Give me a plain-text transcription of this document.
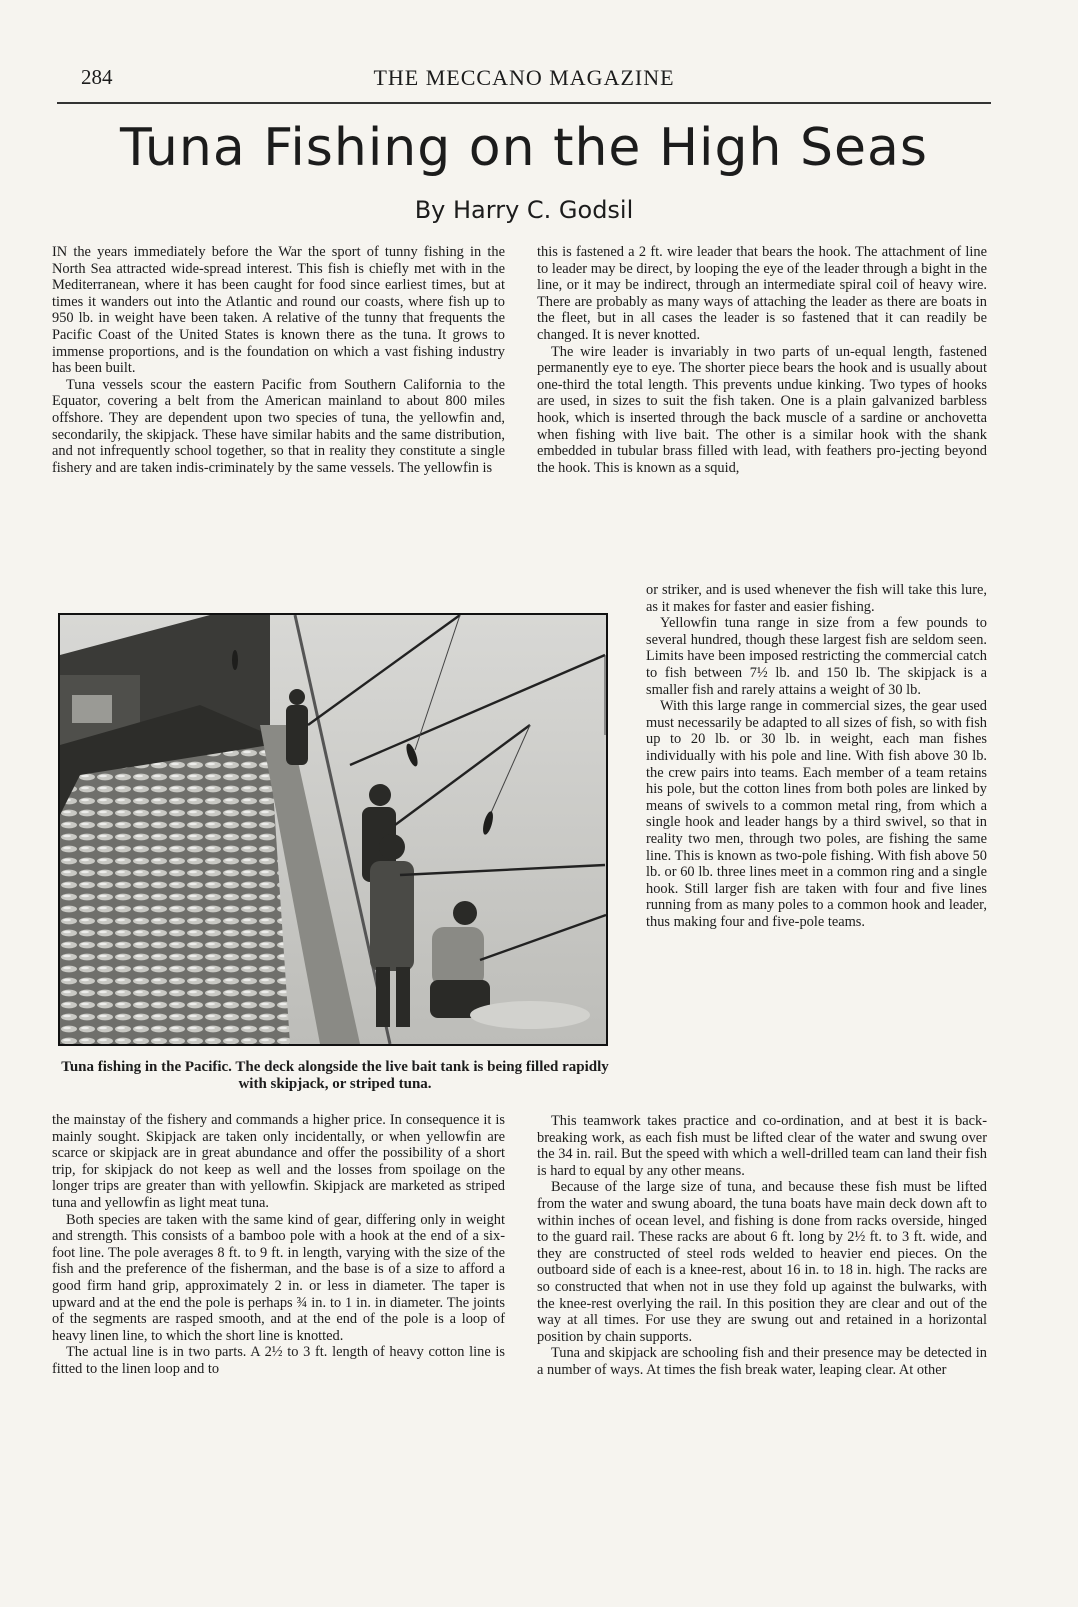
284	THE MECCANO MAGAZINE
Tuna Fishing on the High Seas
By Harry C. Godsil

IN the years immediately before the War the sport of tunny fishing in the North Sea attracted wide-spread interest. This fish is chiefly met with in the Mediterranean, where it has been caught for food since earliest times, but at times it wanders out into the Atlantic and round our coasts, where fish up to 950 lb. in weight have been taken. A relative of the tunny that frequents the Pacific Coast of the United States is known there as the tuna. It grows to immense proportions, and is the foundation on which a vast fishing industry has been built.

Tuna vessels scour the eastern Pacific from Southern California to the Equator, covering a belt from the American mainland to about 800 miles offshore. They are dependent upon two species of tuna, the yellowfin and, secondarily, the skipjack. These have similar habits and the same distribution, and not infrequently school together, so that in reality they constitute a single fishery and are taken indis-criminately by the same vessels. The yellowfin is

Tuna fishing in the Pacific. The deck alongside the live bait tank is being filled rapidly with skipjack, or striped tuna.

the mainstay of the fishery and commands a higher price. In consequence it is mainly sought. Skipjack are taken only incidentally, or when yellowfin are scarce or skipjack are in great abundance and offer the possibility of a short trip, for skipjack do not keep as well and the losses from spoilage on the longer trips are greater than with yellowfin. Skipjack are marketed as striped tuna and yellowfin as light meat tuna.

Both species are taken with the same kind of gear, differing only in weight and strength. This consists of a bamboo pole with a hook at the end of a six-foot line. The pole averages 8 ft. to 9 ft. in length, varying with the size of the fish and the preference of the fisherman, and the base is of a size to afford a good firm hand grip, approximately 2 in. or less in diameter. The taper is upward and at the end the pole is perhaps ¾ in. to 1 in. in diameter. The joints of the segments are rasped smooth, and at the end of the pole is a loop of heavy linen line, to which the short line is knotted.

The actual line is in two parts. A 2½ to 3 ft. length of heavy cotton line is fitted to the linen loop and to

this is fastened a 2 ft. wire leader that bears the hook. The attachment of line to leader may be direct, by looping the eye of the leader through a bight in the line, or it may be indirect, through an intermediate spiral coil of heavy wire. There are probably as many ways of attaching the leader as there are boats in the fleet, but in all cases the leader is so fastened that it can readily be changed. It is never knotted.

The wire leader is invariably in two parts of un-equal length, fastened permanently eye to eye. The shorter piece bears the hook and is usually about one-third the total length. This prevents undue kinking. Two types of hooks are used, in sizes to suit the fish taken. One is a plain galvanized barbless hook, which is inserted through the back muscle of a sardine or anchovetta when fishing with live bait. The other is a similar hook with the shank embedded in tubular brass filled with lead, with feathers pro-jecting beyond the hook. This is known as a squid,

or striker, and is used whenever the fish will take this lure, as it makes for faster and easier fishing.

Yellowfin tuna range in size from a few pounds to several hundred, though these largest fish are seldom seen. Limits have been imposed restricting the commercial catch to fish between 7½ lb. and 150 lb. The skipjack is a smaller fish and rarely attains a weight of 30 lb.

With this large range in commercial sizes, the gear used must necessarily be adapted to all sizes of fish, so with fish up to 20 lb. or 30 lb. in weight, each man fishes individually with his pole and line. With fish above 30 lb. the crew pairs into teams. Each member of a team retains his pole, but the cotton lines from both poles are linked by means of swivels to a common metal ring, from which a single hook and leader hangs by a third swivel, so that in reality two men, through two poles, are fishing the same line. This is known as two-pole fishing. With fish above 50 lb. or 60 lb. three lines meet in a common ring and a single hook. Still larger fish are taken with four and five lines running from as many poles to a common hook and leader, thus making four and five-pole teams.

This teamwork takes practice and co-ordination, and at best it is back-breaking work, as each fish must be lifted clear of the water and swung over the 34 in. rail. But the speed with which a well-drilled team can land their fish is hard to equal by any other means.

Because of the large size of tuna, and because these fish must be lifted from the water and swung aboard, the tuna boats have main deck down aft to within inches of ocean level, and fishing is done from racks overside, hinged to the guard rail. These racks are about 6 ft. long by 2½ ft. to 3 ft. wide, and they are constructed of steel rods welded to heavier end pieces. On the outboard side of each is a knee-rest, about 16 in. to 18 in. high. The racks are so constructed that when not in use they fold up against the bulwarks, with the knee-rest overlying the rail. In this position they are clear and out of the way at all times. For use they are swung out and retained in a horizontal position by chain supports.

Tuna and skipjack are schooling fish and their presence may be detected in a number of ways. At times the fish break water, leaping clear. At other
